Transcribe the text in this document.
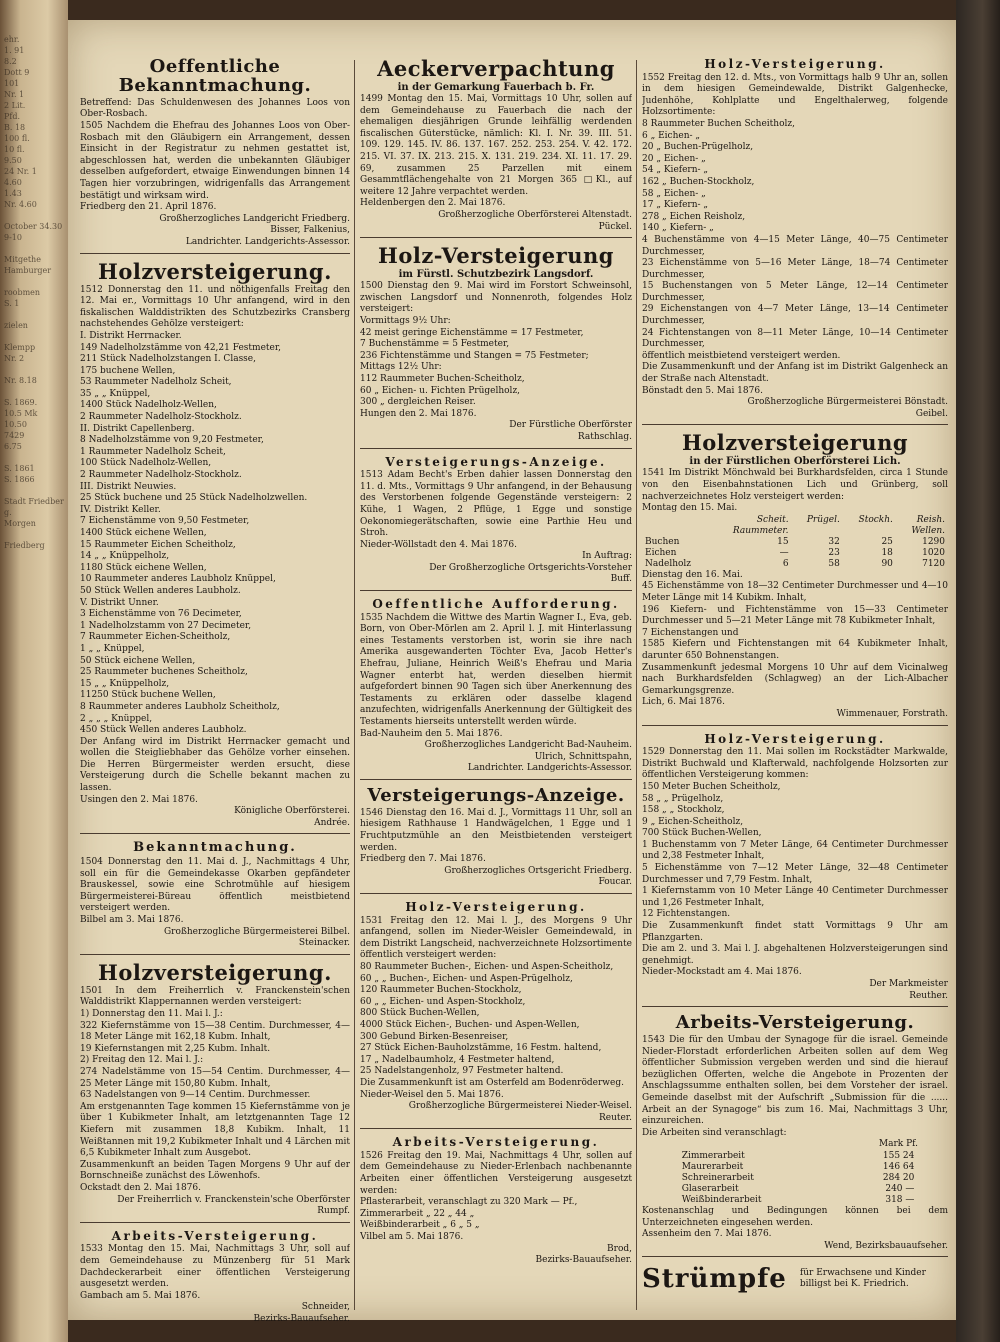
ehr.
1. 91
8.2
Dott 9
101
Nr. 1
2 Lit.
Pfd.
B. 18
100 fl.
10 fl.
9.50
24 Nr. 1
4.60
1.43
Nr. 4.60

October 34.30
9-10

Mitgethe
Hamburger

roobmen
S. 1

zielen

Klempp
Nr. 2

Nr. 8.18

S. 1869.
10.5 Mk
10.50
7429
6.75

S. 1861
S. 1866

Stadt Friedberg.
Morgen

Friedberg
Oeffentliche Bekanntmachung.
Betreffend: Das Schuldenwesen des Johannes Loos von Ober-Rosbach.
1505 Nachdem die Ehefrau des Johannes Loos von Ober-Rosbach mit den Gläubigern ein Arrangement, dessen Einsicht in der Registratur zu nehmen gestattet ist, abgeschlossen hat, werden die unbekannten Gläubiger desselben aufgefordert, etwaige Einwendungen binnen 14 Tagen hier vorzubringen, widrigenfalls das Arrangement bestätigt und wirksam wird.
Friedberg den 21. April 1876.
Großherzogliches Landgericht Friedberg.
Bisser, Falkenius,
Landrichter. Landgerichts-Assessor.
Holzversteigerung.
1512 Donnerstag den 11. und nöthigenfalls Freitag den 12. Mai er., Vormittags 10 Uhr anfangend, wird in den fiskalischen Walddistrikten des Schutzbezirks Cransberg nachstehendes Gehölze versteigert:
I. Distrikt Herrnacker.
149 Nadelholzstämme von 42,21 Festmeter,
211 Stück Nadelholzstangen I. Classe,
175 buchene Wellen,
53 Raummeter Nadelholz Scheit,
35 „ „ Knüppel,
1400 Stück Nadelholz-Wellen,
2 Raummeter Nadelholz-Stockholz.
II. Distrikt Capellenberg.
8 Nadelholzstämme von 9,20 Festmeter,
1 Raummeter Nadelholz Scheit,
100 Stück Nadelholz-Wellen,
2 Raummeter Nadelholz-Stockholz.
III. Distrikt Neuwies.
25 Stück buchene und 25 Stück Nadelholzwellen.
IV. Distrikt Keller.
7 Eichenstämme von 9,50 Festmeter,
1400 Stück eichene Wellen,
15 Raummeter Eichen Scheitholz,
14 „ „ Knüppelholz,
1180 Stück eichene Wellen,
10 Raummeter anderes Laubholz Knüppel,
50 Stück Wellen anderes Laubholz.
V. Distrikt Unner.
3 Eichenstämme von 76 Decimeter,
1 Nadelholzstamm von 27 Decimeter,
7 Raummeter Eichen-Scheitholz,
1 „ „ Knüppel,
50 Stück eichene Wellen,
25 Raummeter buchenes Scheitholz,
15 „ „ Knüppelholz,
11250 Stück buchene Wellen,
8 Raummeter anderes Laubholz Scheitholz,
2 „ „ „ Knüppel,
450 Stück Wellen anderes Laubholz.
Der Anfang wird im Distrikt Herrnacker gemacht und wollen die Steigliebhaber das Gehölze vorher einsehen. Die Herren Bürgermeister werden ersucht, diese Versteigerung durch die Schelle bekannt machen zu lassen.
Usingen den 2. Mai 1876.
Königliche Oberförsterei.
Andrée.
Bekanntmachung.
1504 Donnerstag den 11. Mai d. J., Nachmittags 4 Uhr, soll ein für die Gemeindekasse Okarben gepfändeter Brauskessel, sowie eine Schrotmühle auf hiesigem Bürgermeisterei-Büreau öffentlich meistbietend versteigert werden.
Bilbel am 3. Mai 1876.
Großherzogliche Bürgermeisterei Bilbel.
Steinacker.
Holzversteigerung.
1501 In dem Freiherrlich v. Franckenstein'schen Walddistrikt Klappernannen werden versteigert:
1) Donnerstag den 11. Mai l. J.:
322 Kiefernstämme von 15—38 Centim. Durchmesser, 4—18 Meter Länge mit 162,18 Kubm. Inhalt,
19 Kiefernstangen mit 2,25 Kubm. Inhalt.
2) Freitag den 12. Mai l. J.:
274 Nadelstämme von 15—54 Centim. Durchmesser, 4—25 Meter Länge mit 150,80 Kubm. Inhalt,
63 Nadelstangen von 9—14 Centim. Durchmesser.
Am erstgenannten Tage kommen 15 Kiefernstämme von je über 1 Kubikmeter Inhalt, am letztgenannten Tage 12 Kiefern mit zusammen 18,8 Kubikm. Inhalt, 11 Weißtannen mit 19,2 Kubikmeter Inhalt und 4 Lärchen mit 6,5 Kubikmeter Inhalt zum Ausgebot.
Zusammenkunft an beiden Tagen Morgens 9 Uhr auf der Bornschneiße zunächst des Löwenhofs.
Ockstadt den 2. Mai 1876.
Der Freiherrlich v. Franckenstein'sche Oberförster
Rumpf.
Arbeits-Versteigerung.
1533 Montag den 15. Mai, Nachmittags 3 Uhr, soll auf dem Gemeindehause zu Münzenberg für 51 Mark Dachdeckerarbeit einer öffentlichen Versteigerung ausgesetzt werden.
Gambach am 5. Mai 1876.
Schneider,
Bezirks-Bauaufseher.
Aeckerverpachtung
in der Gemarkung Fauerbach b. Fr.
1499 Montag den 15. Mai, Vormittags 10 Uhr, sollen auf dem Gemeindehause zu Fauerbach die nach der ehemaligen diesjährigen Grunde leihfällig werdenden fiscalischen Güterstücke, nämlich: Kl. I. Nr. 39. III. 51. 109. 129. 145. IV. 86. 137. 167. 252. 253. 254. V. 42. 172. 215. VI. 37. IX. 213. 215. X. 131. 219. 234. XI. 11. 17. 29. 69, zusammen 25 Parzellen mit einem Gesammtflächengehalte von 21 Morgen 365 □Kl., auf weitere 12 Jahre verpachtet werden.
Heldenbergen den 2. Mai 1876.
Großherzogliche Oberförsterei Altenstadt.
Pückel.
Holz-Versteigerung
im Fürstl. Schutzbezirk Langsdorf.
1500 Dienstag den 9. Mai wird im Forstort Schweinsohl, zwischen Langsdorf und Nonnenroth, folgendes Holz versteigert:
Vormittags 9½ Uhr:
42 meist geringe Eichenstämme = 17 Festmeter,
7 Buchenstämme = 5 Festmeter,
236 Fichtenstämme und Stangen = 75 Festmeter;
Mittags 12½ Uhr:
112 Raummeter Buchen-Scheitholz,
60 „ Eichen- u. Fichten Prügelholz,
300 „ dergleichen Reiser.
Hungen den 2. Mai 1876.
Der Fürstliche Oberförster
Rathschlag.
Versteigerungs-Anzeige.
1513 Adam Becht's Erben dahier lassen Donnerstag den 11. d. Mts., Vormittags 9 Uhr anfangend, in der Behausung des Verstorbenen folgende Gegenstände versteigern: 2 Kühe, 1 Wagen, 2 Pflüge, 1 Egge und sonstige Oekonomiegerätschaften, sowie eine Parthie Heu und Stroh.
Nieder-Wöllstadt den 4. Mai 1876.
In Auftrag:
Der Großherzogliche Ortsgerichts-Vorsteher
Buff.
Oeffentliche Aufforderung.
1535 Nachdem die Wittwe des Martin Wagner I., Eva, geb. Born, von Ober-Mörlen am 2. April l. J. mit Hinterlassung eines Testaments verstorben ist, worin sie ihre nach Amerika ausgewanderten Töchter Eva, Jacob Hetter's Ehefrau, Juliane, Heinrich Weiß's Ehefrau und Maria Wagner enterbt hat, werden dieselben hiermit aufgefordert binnen 90 Tagen sich über Anerkennung des Testaments zu erklären oder dasselbe klagend anzufechten, widrigenfalls Anerkennung der Gültigkeit des Testaments hierseits unterstellt werden würde.
Bad-Nauheim den 5. Mai 1876.
Großherzogliches Landgericht Bad-Nauheim.
Ulrich, Schnittspahn,
Landrichter. Landgerichts-Assessor.
Versteigerungs-Anzeige.
1546 Dienstag den 16. Mai d. J., Vormittags 11 Uhr, soll an hiesigem Rathhause 1 Handwägelchen, 1 Egge und 1 Fruchtputzmühle an den Meistbietenden versteigert werden.
Friedberg den 7. Mai 1876.
Großherzogliches Ortsgericht Friedberg.
Foucar.
Holz-Versteigerung.
1531 Freitag den 12. Mai l. J., des Morgens 9 Uhr anfangend, sollen im Nieder-Weisler Gemeindewald, in dem Distrikt Langscheid, nachverzeichnete Holzsortimente öffentlich versteigert werden:
80 Raummeter Buchen-, Eichen- und Aspen-Scheitholz,
60 „ „ Buchen-, Eichen- und Aspen-Prügelholz,
120 Raummeter Buchen-Stockholz,
60 „ „ Eichen- und Aspen-Stockholz,
800 Stück Buchen-Wellen,
4000 Stück Eichen-, Buchen- und Aspen-Wellen,
300 Gebund Birken-Besenreiser,
27 Stück Eichen-Bauholzstämme, 16 Festm. haltend,
17 „ Nadelbaumholz, 4 Festmeter haltend,
25 Nadelstangenholz, 97 Festmeter haltend.
Die Zusammenkunft ist am Osterfeld am Bodenröderweg.
Nieder-Weisel den 5. Mai 1876.
Großherzogliche Bürgermeisterei Nieder-Weisel.
Reuter.
Arbeits-Versteigerung.
1526 Freitag den 19. Mai, Nachmittags 4 Uhr, sollen auf dem Gemeindehause zu Nieder-Erlenbach nachbenannte Arbeiten einer öffentlichen Versteigerung ausgesetzt werden:
Pflasterarbeit, veranschlagt zu 320 Mark — Pf.,
Zimmerarbeit „ 22 „ 44 „
Weißbinderarbeit „ 6 „ 5 „
Vilbel am 5. Mai 1876.
Brod,
Bezirks-Bauaufseher.
Holz-Versteigerung.
1552 Freitag den 12. d. Mts., von Vormittags halb 9 Uhr an, sollen in dem hiesigen Gemeindewalde, Distrikt Galgenhecke, Judenhöhe, Kohlplatte und Engelthalerweg, folgende Holzsortimente:
8 Raummeter Buchen Scheitholz,
6 „ Eichen- „
20 „ Buchen-Prügelholz,
20 „ Eichen- „
54 „ Kiefern- „
162 „ Buchen-Stockholz,
58 „ Eichen- „
17 „ Kiefern- „
278 „ Eichen Reisholz,
140 „ Kiefern- „
4 Buchenstämme von 4—15 Meter Länge, 40—75 Centimeter Durchmesser,
23 Eichenstämme von 5—16 Meter Länge, 18—74 Centimeter Durchmesser,
15 Buchenstangen von 5 Meter Länge, 12—14 Centimeter Durchmesser,
29 Eichenstangen von 4—7 Meter Länge, 13—14 Centimeter Durchmesser,
24 Fichtenstangen von 8—11 Meter Länge, 10—14 Centimeter Durchmesser,
öffentlich meistbietend versteigert werden.
Die Zusammenkunft und der Anfang ist im Distrikt Galgenheck an der Straße nach Altenstadt.
Bönstadt den 5. Mai 1876.
Großherzogliche Bürgermeisterei Bönstadt.
Geibel.
Holzversteigerung
in der Fürstlichen Oberförsterei Lich.
1541 Im Distrikt Mönchwald bei Burkhardsfelden, circa 1 Stunde von den Eisenbahnstationen Lich und Grünberg, soll nachverzeichnetes Holz versteigert werden:
Montag den 15. Mai.
	Scheit.	Prügel.	Stockh.	Reish.
	Raummeter.			Wellen.
Buchen	15	32	25	1290
Eichen	—	23	18	1020
Nadelholz	6	58	90	7120
Dienstag den 16. Mai.
45 Eichenstämme von 18—32 Centimeter Durchmesser und 4—10 Meter Länge mit 14 Kubikm. Inhalt,
196 Kiefern- und Fichtenstämme von 15—33 Centimeter Durchmesser und 5—21 Meter Länge mit 78 Kubikmeter Inhalt,
7 Eichenstangen und
1585 Kiefern und Fichtenstangen mit 64 Kubikmeter Inhalt, darunter 650 Bohnenstangen.
Zusammenkunft jedesmal Morgens 10 Uhr auf dem Vicinalweg nach Burkhardsfelden (Schlagweg) an der Lich-Albacher Gemarkungsgrenze.
Lich, 6. Mai 1876.
Wimmenauer, Forstrath.
Holz-Versteigerung.
1529 Donnerstag den 11. Mai sollen im Rockstädter Markwalde, Distrikt Buchwald und Klafterwald, nachfolgende Holzsorten zur öffentlichen Versteigerung kommen:
150 Meter Buchen Scheitholz,
58 „ „ Prügelholz,
158 „ „ Stockholz,
9 „ Eichen-Scheitholz,
700 Stück Buchen-Wellen,
1 Buchenstamm von 7 Meter Länge, 64 Centimeter Durchmesser und 2,38 Festmeter Inhalt,
5 Eichenstämme von 7—12 Meter Länge, 32—48 Centimeter Durchmesser und 7,79 Festm. Inhalt,
1 Kiefernstamm von 10 Meter Länge 40 Centimeter Durchmesser und 1,26 Festmeter Inhalt,
12 Fichtenstangen.
Die Zusammenkunft findet statt Vormittags 9 Uhr am Pflanzgarten.
Die am 2. und 3. Mai l. J. abgehaltenen Holzversteigerungen sind genehmigt.
Nieder-Mockstadt am 4. Mai 1876.
Der Markmeister
Reuther.
Arbeits-Versteigerung.
1543 Die für den Umbau der Synagoge für die israel. Gemeinde Nieder-Florstadt erforderlichen Arbeiten sollen auf dem Weg öffentlicher Submission vergeben werden und sind die hierauf bezüglichen Offerten, welche die Angebote in Prozenten der Anschlagssumme enthalten sollen, bei dem Vorsteher der israel. Gemeinde daselbst mit der Aufschrift „Submission für die ...... Arbeit an der Synagoge“ bis zum 16. Mai, Nachmittags 3 Uhr, einzureichen.
Die Arbeiten sind veranschlagt:
Mark Pf.
Zimmerarbeit	155 24
Maurerarbeit	146 64
Schreinerarbeit	284 20
Glaserarbeit	240 —
Weißbinderarbeit	318 —
Kostenanschlag und Bedingungen können bei dem Unterzeichneten eingesehen werden.
Assenheim den 7. Mai 1876.
Wend, Bezirksbauaufseher.
Strümpfe für Erwachsene und Kinder
billigst bei K. Friedrich.
